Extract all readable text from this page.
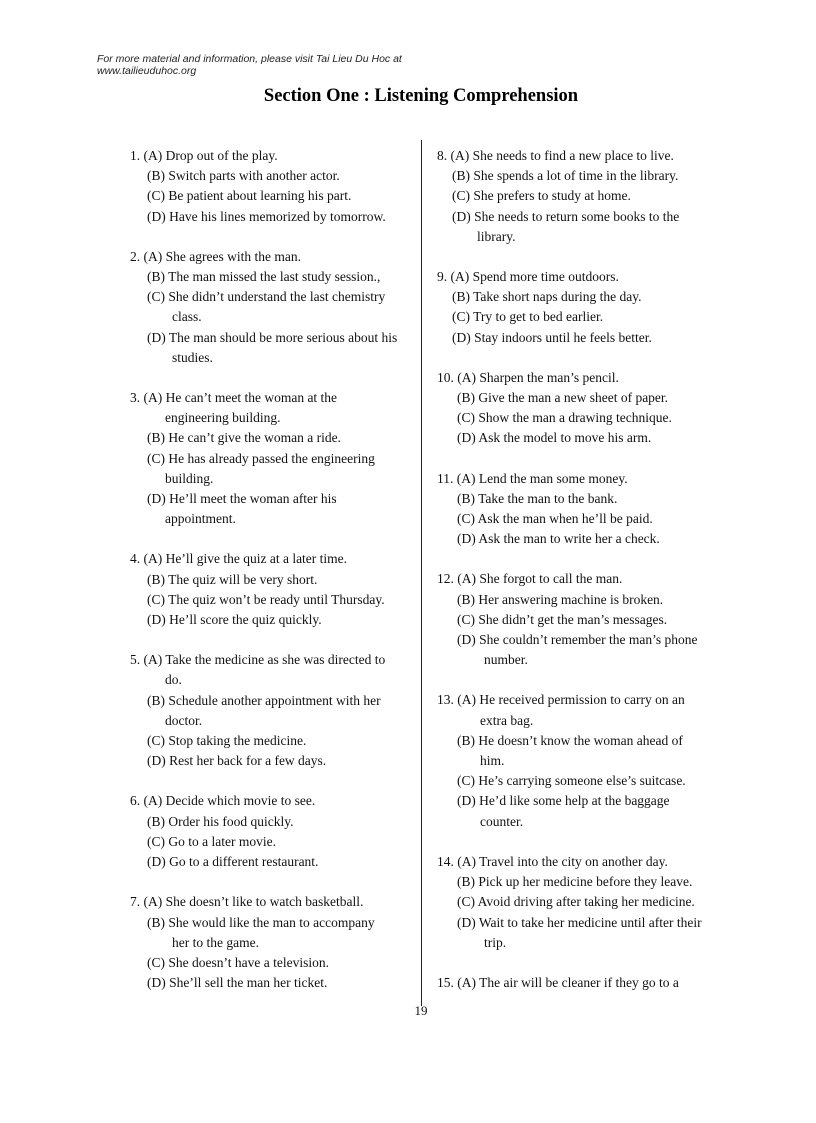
For more material and information, please visit Tai Lieu Du Hoc at
www.tailieuduhoc.org
Section One : Listening Comprehension
1. (A) Drop out of the play.
(B) Switch parts with another actor.
(C) Be patient about learning his part.
(D) Have his lines memorized by tomorrow.
2. (A) She agrees with the man.
(B) The man missed the last study session.,
(C) She didn’t understand the last chemistry
class.
(D) The man should be more serious about his
studies.
3. (A) He can’t meet the woman at the
engineering building.
(B) He can’t give the woman a ride.
(C) He has already passed the engineering
building.
(D) He’ll meet the woman after his
appointment.
4. (A) He’ll give the quiz at a later time.
(B) The quiz will be very short.
(C) The quiz won’t be ready until Thursday.
(D) He’ll score the quiz quickly.
5. (A) Take the medicine as she was directed to
do.
(B) Schedule another appointment with her
doctor.
(C) Stop taking the medicine.
(D) Rest her back for a few days.
6. (A) Decide which movie to see.
(B) Order his food quickly.
(C) Go to a later movie.
(D) Go to a different restaurant.
7. (A) She doesn’t like to watch basketball.
(B) She would like the man to accompany
her to the game.
(C) She doesn’t have a television.
(D) She’ll sell the man her ticket.
8. (A) She needs to find a new place to live.
(B) She spends a lot of time in the library.
(C) She prefers to study at home.
(D) She needs to return some books to the
library.
9. (A) Spend more time outdoors.
(B) Take short naps during the day.
(C) Try to get to bed earlier.
(D) Stay indoors until he feels better.
10. (A) Sharpen the man’s pencil.
(B) Give the man a new sheet of paper.
(C) Show the man a drawing technique.
(D) Ask the model to move his arm.
11. (A) Lend the man some money.
(B) Take the man to the bank.
(C) Ask the man when he’ll be paid.
(D) Ask the man to write her a check.
12. (A) She forgot to call the man.
(B) Her answering machine is broken.
(C) She didn’t get the man’s messages.
(D) She couldn’t remember the man’s phone
number.
13. (A) He received permission to carry on an
extra bag.
(B) He doesn’t know the woman ahead of
him.
(C) He’s carrying someone else’s suitcase.
(D) He’d like some help at the baggage
counter.
14. (A) Travel into the city on another day.
(B) Pick up her medicine before they leave.
(C) Avoid driving after taking her medicine.
(D) Wait to take her medicine until after their
trip.
15. (A) The air will be cleaner if they go to a
19
